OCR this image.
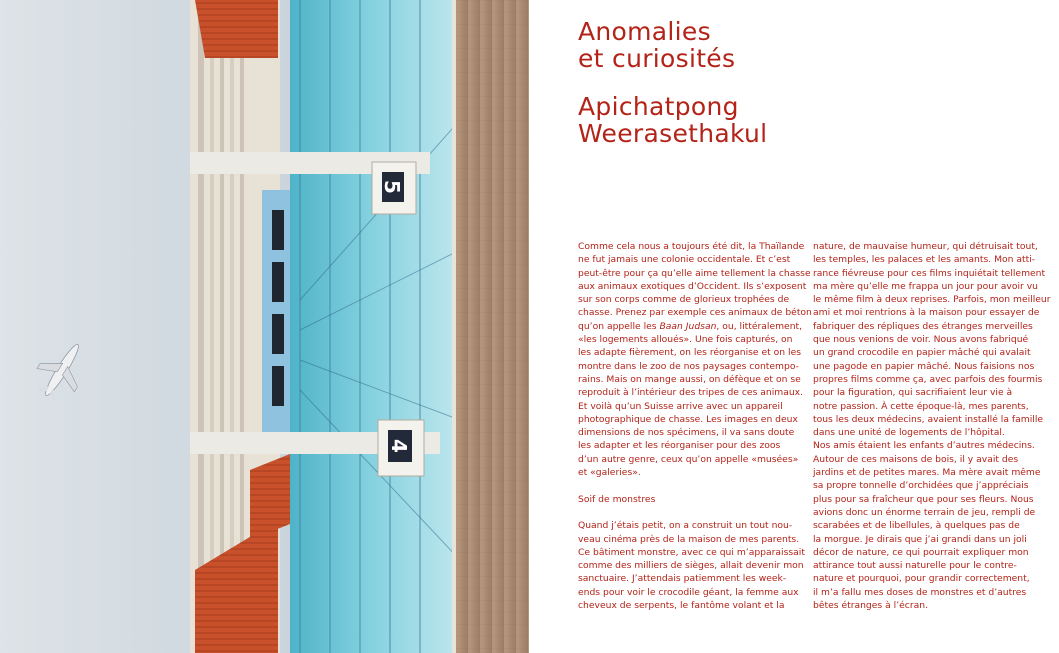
5
4
Anomalies
et curiosités
Apichatpong
Weerasethakul
Comme cela nous a toujours été dit, la Thaïlande
ne fut jamais une colonie occidentale. Et c’est
peut-être pour ça qu’elle aime tellement la chasse
aux animaux exotiques d’Occident. Ils s’exposent
sur son corps comme de glorieux trophées de
chasse. Prenez par exemple ces animaux de béton
qu’on appelle les Baan Judsan, ou, littéralement,
«les logements alloués». Une fois capturés, on
les adapte fièrement, on les réorganise et on les
montre dans le zoo de nos paysages contempo-
rains. Mais on mange aussi, on défèque et on se
reproduit à l’intérieur des tripes de ces animaux.
Et voilà qu’un Suisse arrive avec un appareil
photographique de chasse. Les images en deux
dimensions de nos spécimens, il va sans doute
les adapter et les réorganiser pour des zoos
d’un autre genre, ceux qu’on appelle «musées»
et «galeries».
Soif de monstres
Quand j’étais petit, on a construit un tout nou-
veau cinéma près de la maison de mes parents.
Ce bâtiment monstre, avec ce qui m’apparaissait
comme des milliers de sièges, allait devenir mon
sanctuaire. J’attendais patiemment les week-
ends pour voir le crocodile géant, la femme aux
cheveux de serpents, le fantôme volant et la
nature, de mauvaise humeur, qui détruisait tout,
les temples, les palaces et les amants. Mon atti-
rance fiévreuse pour ces films inquiétait tellement
ma mère qu’elle me frappa un jour pour avoir vu
le même film à deux reprises. Parfois, mon meilleur
ami et moi rentrions à la maison pour essayer de
fabriquer des répliques des étranges merveilles
que nous venions de voir. Nous avons fabriqué
un grand crocodile en papier mâché qui avalait
une pagode en papier mâché. Nous faisions nos
propres films comme ça, avec parfois des fourmis
pour la figuration, qui sacrifiaient leur vie à
notre passion. À cette époque-là, mes parents,
tous les deux médecins, avaient installé la famille
dans une unité de logements de l’hôpital.
Nos amis étaient les enfants d’autres médecins.
Autour de ces maisons de bois, il y avait des
jardins et de petites mares. Ma mère avait même
sa propre tonnelle d’orchidées que j’appréciais
plus pour sa fraîcheur que pour ses fleurs. Nous
avions donc un énorme terrain de jeu, rempli de
scarabées et de libellules, à quelques pas de
la morgue. Je dirais que j’ai grandi dans un joli
décor de nature, ce qui pourrait expliquer mon
attirance tout aussi naturelle pour le contre-
nature et pourquoi, pour grandir correctement,
il m’a fallu mes doses de monstres et d’autres
bêtes étranges à l’écran.
